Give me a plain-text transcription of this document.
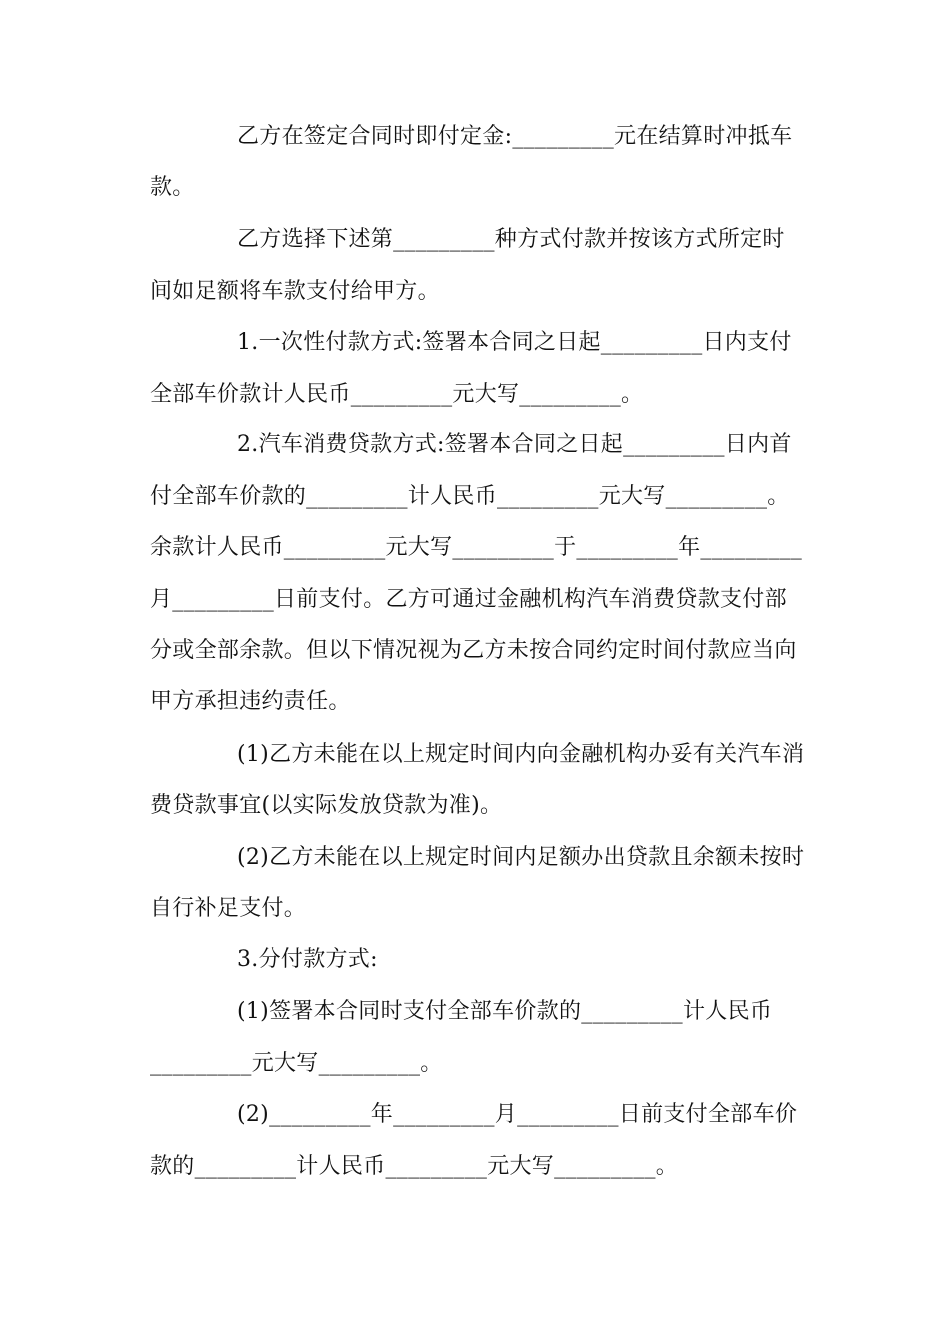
乙方在签定合同时即付定金:_________元在结算时冲抵车
款。
乙方选择下述第_________种方式付款并按该方式所定时
间如足额将车款支付给甲方。
1.一次性付款方式:签署本合同之日起_________日内支付
全部车价款计人民币_________元大写_________。
2.汽车消费贷款方式:签署本合同之日起_________日内首
付全部车价款的_________计人民币_________元大写_________。
余款计人民币_________元大写_________于_________年_________
月_________日前支付。乙方可通过金融机构汽车消费贷款支付部
分或全部余款。但以下情况视为乙方未按合同约定时间付款应当向
甲方承担违约责任。
(1)乙方未能在以上规定时间内向金融机构办妥有关汽车消
费贷款事宜(以实际发放贷款为准)。
(2)乙方未能在以上规定时间内足额办出贷款且余额未按时
自行补足支付。
3.分付款方式:
(1)签署本合同时支付全部车价款的_________计人民币
_________元大写_________。
(2)_________年_________月_________日前支付全部车价
款的_________计人民币_________元大写_________。
